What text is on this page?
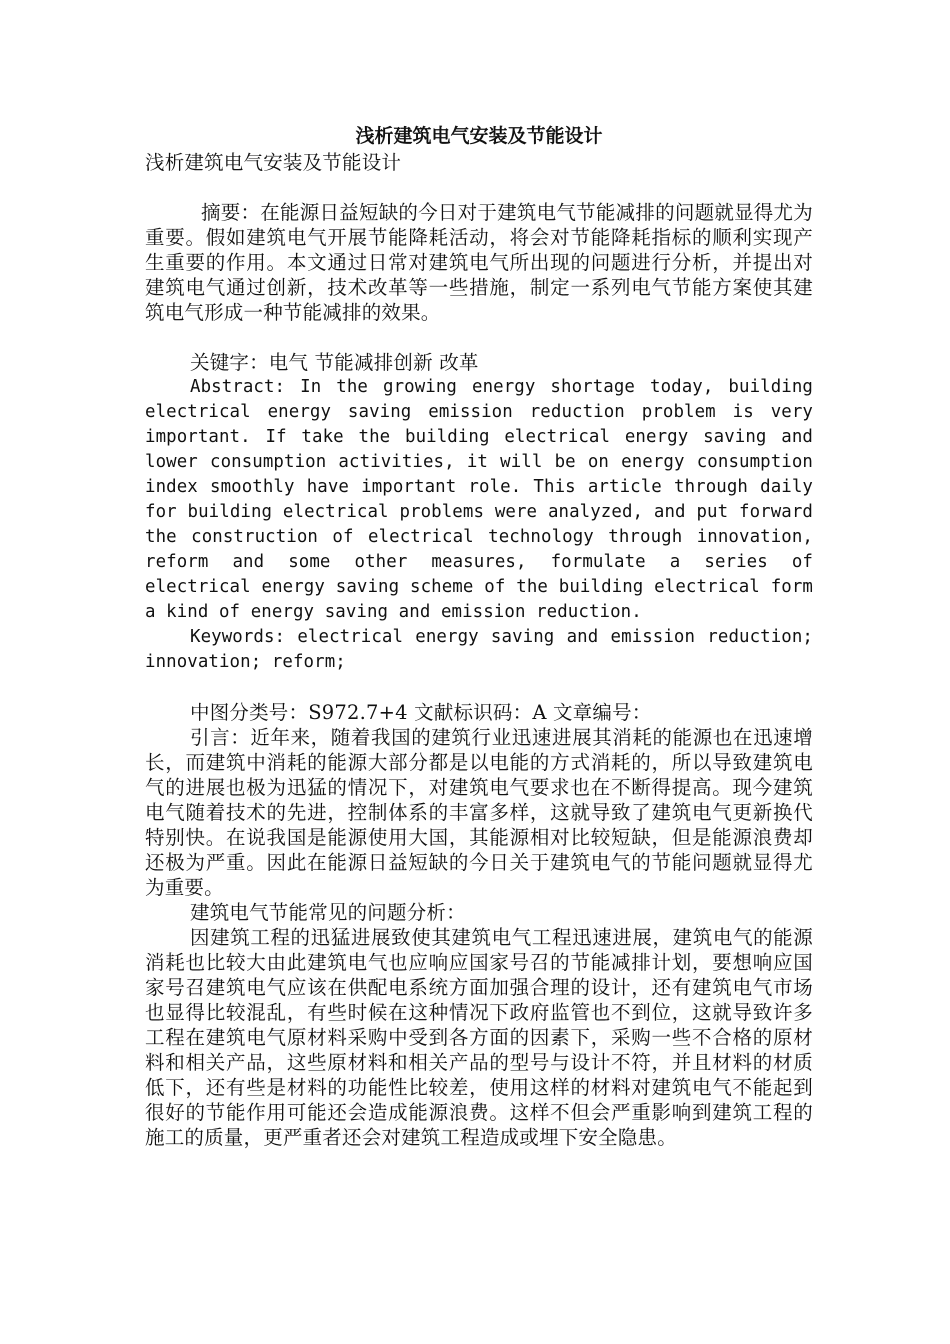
浅析建筑电气安装及节能设计

浅析建筑电气安装及节能设计

摘要：在能源日益短缺的今日对于建筑电气节能减排的问题就显得尤为重要。假如建筑电气开展节能降耗活动，将会对节能降耗指标的顺利实现产生重要的作用。本文通过日常对建筑电气所出现的问题进行分析，并提出对建筑电气通过创新，技术改革等一些措施，制定一系列电气节能方案使其建筑电气形成一种节能减排的效果。

关键字：电气 节能减排创新 改革

Abstract: In the growing energy shortage today, building electrical energy saving emission reduction problem is very important. If take the building electrical energy saving and lower consumption activities, it will be on energy consumption index smoothly have important role. This article through daily for building electrical problems were analyzed, and put forward the construction of electrical technology through innovation, reform and some other measures, formulate a series of electrical energy saving scheme of the building electrical form a kind of energy saving and emission reduction.

Keywords: electrical energy saving and emission reduction; innovation; reform;

中图分类号：S972.7+4 文献标识码：A 文章编号：

引言：近年来，随着我国的建筑行业迅速进展其消耗的能源也在迅速增长，而建筑中消耗的能源大部分都是以电能的方式消耗的，所以导致建筑电气的进展也极为迅猛的情况下，对建筑电气要求也在不断得提高。现今建筑电气随着技术的先进，控制体系的丰富多样，这就导致了建筑电气更新换代特别快。在说我国是能源使用大国，其能源相对比较短缺，但是能源浪费却还极为严重。因此在能源日益短缺的今日关于建筑电气的节能问题就显得尤为重要。

建筑电气节能常见的问题分析：

因建筑工程的迅猛进展致使其建筑电气工程迅速进展，建筑电气的能源消耗也比较大由此建筑电气也应响应国家号召的节能减排计划，要想响应国家号召建筑电气应该在供配电系统方面加强合理的设计，还有建筑电气市场也显得比较混乱，有些时候在这种情况下政府监管也不到位，这就导致许多工程在建筑电气原材料采购中受到各方面的因素下，采购一些不合格的原材料和相关产品，这些原材料和相关产品的型号与设计不符，并且材料的材质低下，还有些是材料的功能性比较差，使用这样的材料对建筑电气不能起到很好的节能作用可能还会造成能源浪费。这样不但会严重影响到建筑工程的施工的质量，更严重者还会对建筑工程造成或埋下安全隐患。
